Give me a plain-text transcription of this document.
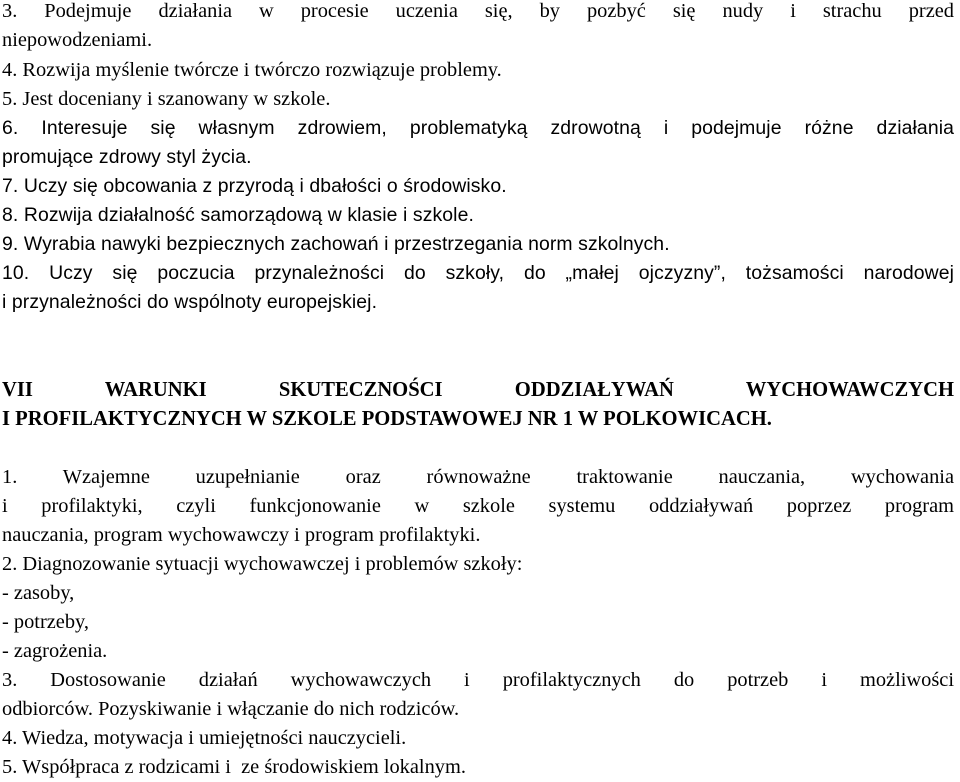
3. Podejmuje działania w procesie uczenia się, by pozbyć się nudy i strachu przed
niepowodzeniami.
4. Rozwija myślenie twórcze i twórczo rozwiązuje problemy.
5. Jest doceniany i szanowany w szkole.
6. Interesuje się własnym zdrowiem, problematyką zdrowotną i podejmuje różne działania
promujące zdrowy styl życia.
7. Uczy się obcowania z przyrodą i dbałości o środowisko.
8. Rozwija działalność samorządową w klasie i szkole.
9. Wyrabia nawyki bezpiecznych zachowań i przestrzegania norm szkolnych.
10. Uczy się poczucia przynależności do szkoły, do „małej ojczyzny”, tożsamości narodowej
i przynależności do wspólnoty europejskiej.
VII WARUNKI SKUTECZNOŚCI ODDZIAŁYWAŃ WYCHOWAWCZYCH
I PROFILAKTYCZNYCH W SZKOLE PODSTAWOWEJ NR 1 W POLKOWICACH.
1. Wzajemne uzupełnianie oraz równoważne traktowanie nauczania, wychowania
i profilaktyki, czyli funkcjonowanie w szkole systemu oddziaływań poprzez program
nauczania, program wychowawczy i program profilaktyki.
2. Diagnozowanie sytuacji wychowawczej i problemów szkoły:
- zasoby,
- potrzeby,
- zagrożenia.
3. Dostosowanie działań wychowawczych i profilaktycznych do potrzeb i możliwości
odbiorców. Pozyskiwanie i włączanie do nich rodziców.
4. Wiedza, motywacja i umiejętności nauczycieli.
5. Współpraca z rodzicami i  ze środowiskiem lokalnym.
